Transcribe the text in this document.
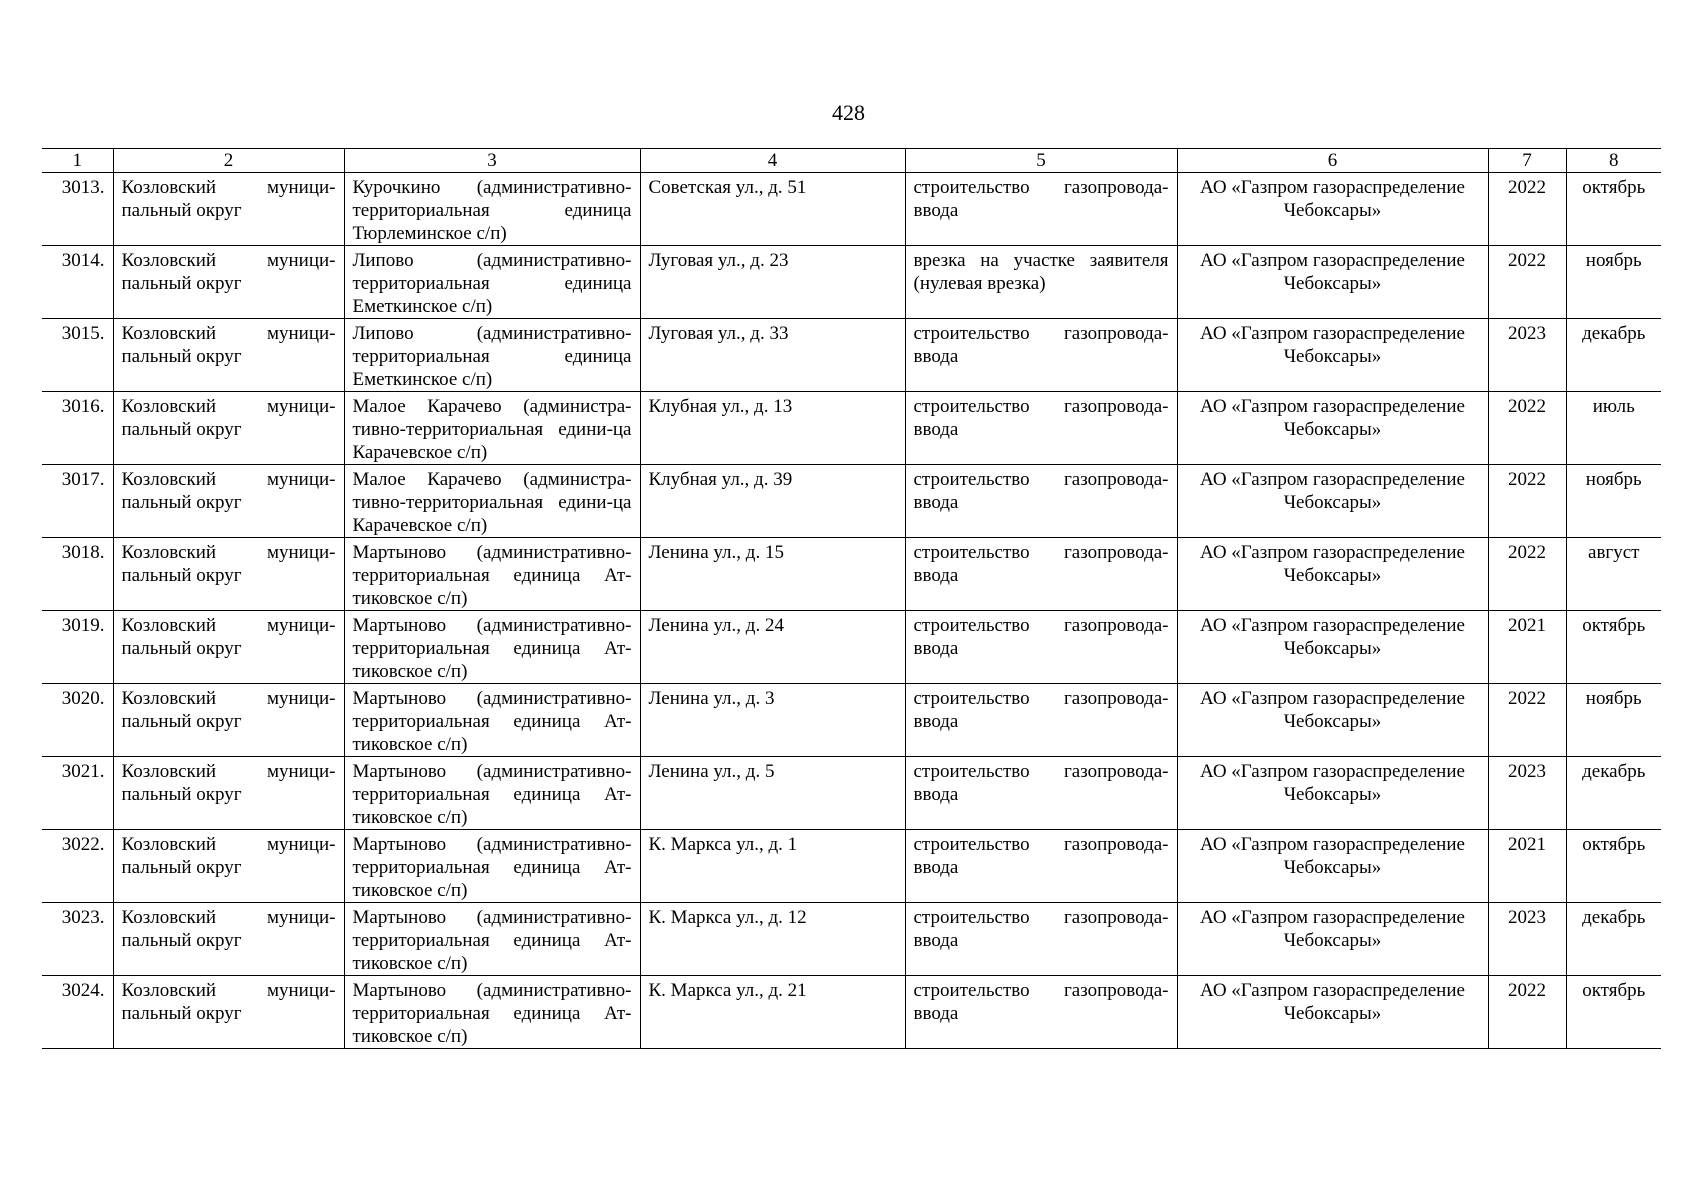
428
1	2	3	4	5	6	7	8
3013.	Козловский муници-пальный округ	Курочкино (административно-территориальная единица Тюрлеминское с/п)	Советская ул., д. 51	строительство газопровода-ввода	АО «Газпром газораспределение Чебоксары»	2022	октябрь
3014.	Козловский муници-пальный округ	Липово (административно-территориальная единица Еметкинское с/п)	Луговая ул., д. 23	врезка на участке заявителя (нулевая врезка)	АО «Газпром газораспределение Чебоксары»	2022	ноябрь
3015.	Козловский муници-пальный округ	Липово (административно-территориальная единица Еметкинское с/п)	Луговая ул., д. 33	строительство газопровода-ввода	АО «Газпром газораспределение Чебоксары»	2023	декабрь
3016.	Козловский муници-пальный округ	Малое Карачево (администра-тивно-территориальная едини-ца Карачевское с/п)	Клубная ул., д. 13	строительство газопровода-ввода	АО «Газпром газораспределение Чебоксары»	2022	июль
3017.	Козловский муници-пальный округ	Малое Карачево (администра-тивно-территориальная едини-ца Карачевское с/п)	Клубная ул., д. 39	строительство газопровода-ввода	АО «Газпром газораспределение Чебоксары»	2022	ноябрь
3018.	Козловский муници-пальный округ	Мартыново (административно-территориальная единица Ат-тиковское с/п)	Ленина ул., д. 15	строительство газопровода-ввода	АО «Газпром газораспределение Чебоксары»	2022	август
3019.	Козловский муници-пальный округ	Мартыново (административно-территориальная единица Ат-тиковское с/п)	Ленина ул., д. 24	строительство газопровода-ввода	АО «Газпром газораспределение Чебоксары»	2021	октябрь
3020.	Козловский муници-пальный округ	Мартыново (административно-территориальная единица Ат-тиковское с/п)	Ленина ул., д. 3	строительство газопровода-ввода	АО «Газпром газораспределение Чебоксары»	2022	ноябрь
3021.	Козловский муници-пальный округ	Мартыново (административно-территориальная единица Ат-тиковское с/п)	Ленина ул., д. 5	строительство газопровода-ввода	АО «Газпром газораспределение Чебоксары»	2023	декабрь
3022.	Козловский муници-пальный округ	Мартыново (административно-территориальная единица Ат-тиковское с/п)	К. Маркса ул., д. 1	строительство газопровода-ввода	АО «Газпром газораспределение Чебоксары»	2021	октябрь
3023.	Козловский муници-пальный округ	Мартыново (административно-территориальная единица Ат-тиковское с/п)	К. Маркса ул., д. 12	строительство газопровода-ввода	АО «Газпром газораспределение Чебоксары»	2023	декабрь
3024.	Козловский муници-пальный округ	Мартыново (административно-территориальная единица Ат-тиковское с/п)	К. Маркса ул., д. 21	строительство газопровода-ввода	АО «Газпром газораспределение Чебоксары»	2022	октябрь
